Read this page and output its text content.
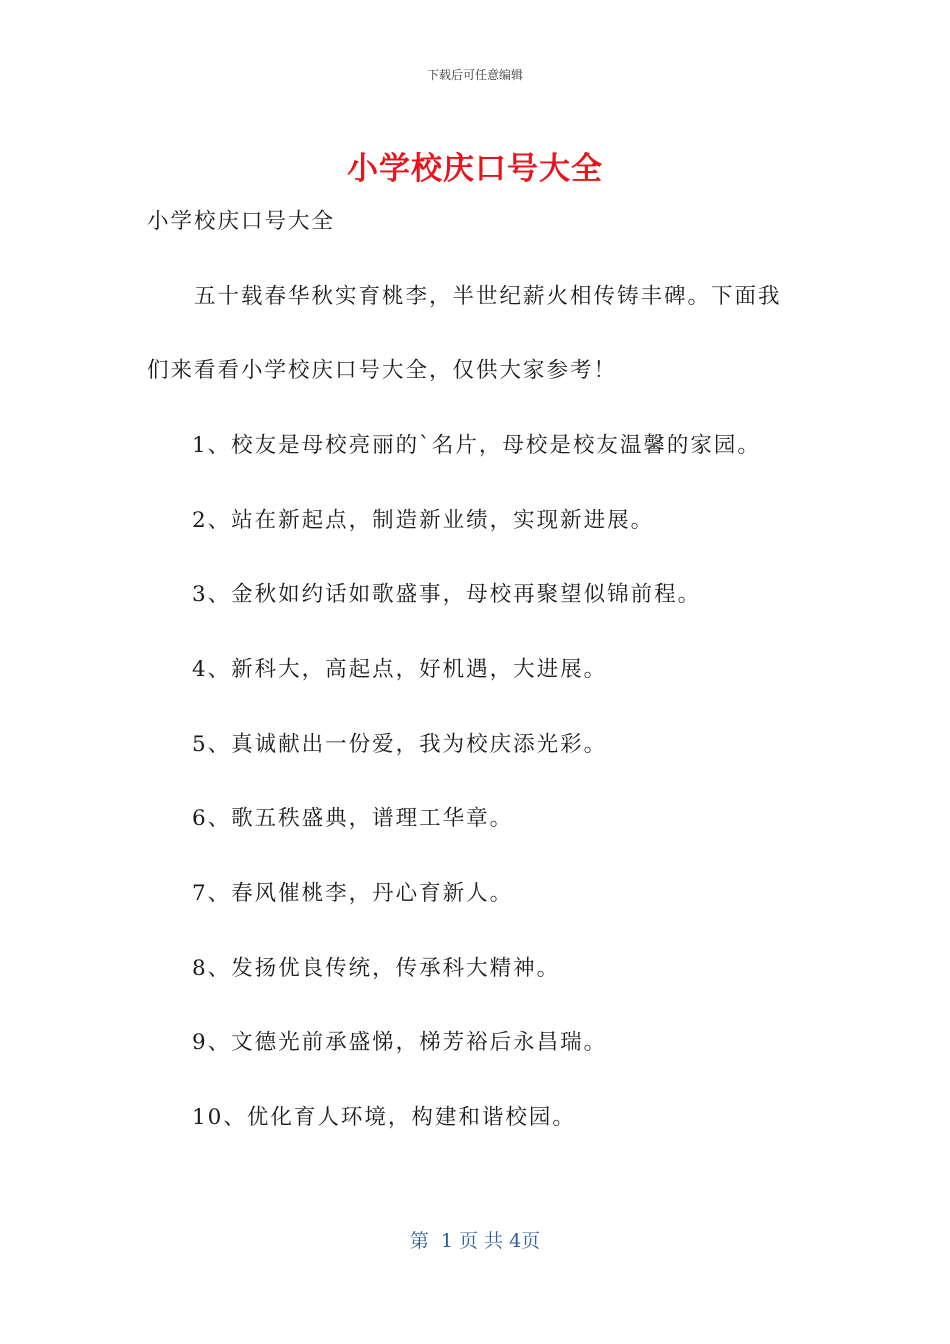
下载后可任意编辑
小学校庆口号大全
小学校庆口号大全
五十载春华秋实育桃李，半世纪薪火相传铸丰碑。下面我
们来看看小学校庆口号大全，仅供大家参考！
1、校友是母校亮丽的`名片，母校是校友温馨的家园。
2、站在新起点，制造新业绩，实现新进展。
3、金秋如约话如歌盛事，母校再聚望似锦前程。
4、新科大，高起点，好机遇，大进展。
5、真诚献出一份爱，我为校庆添光彩。
6、歌五秩盛典，谱理工华章。
7、春风催桃李，丹心育新人。
8、发扬优良传统，传承科大精神。
9、文德光前承盛悌，梯芳裕后永昌瑞。
10、优化育人环境，构建和谐校园。
第  1 页 共 4页
